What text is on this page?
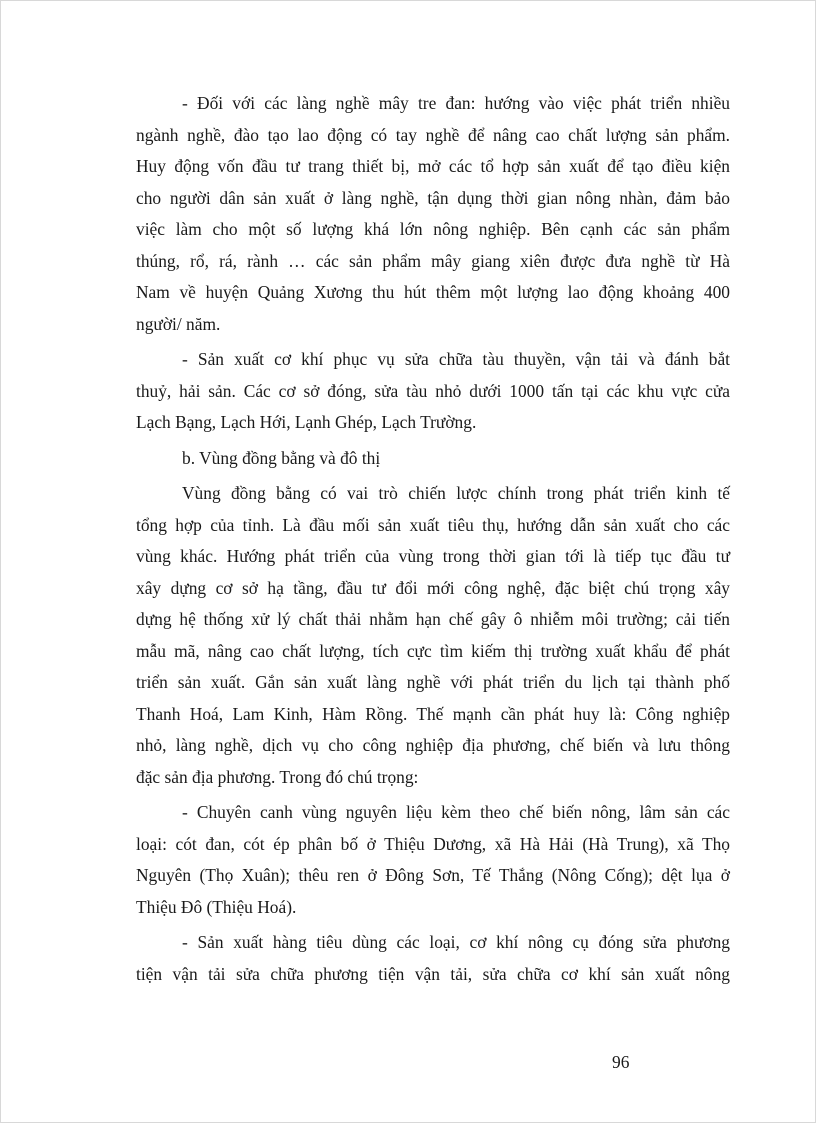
- Đối với các làng nghề mây tre đan: hướng vào việc phát triển nhiều
ngành nghề, đào tạo lao động có tay nghề để nâng cao chất lượng sản phẩm.
Huy động vốn đầu tư trang thiết bị, mở các tổ hợp sản xuất để tạo điều kiện
cho người dân sản xuất ở làng nghề, tận dụng thời gian nông nhàn, đảm bảo
việc làm cho một số lượng khá lớn nông nghiệp. Bên cạnh các sản phẩm
thúng, rổ, rá, rành … các sản phẩm mây giang xiên được đưa nghề từ Hà
Nam về huyện Quảng Xương thu hút thêm một lượng lao động khoảng 400
người/ năm.

- Sản xuất cơ khí phục vụ sửa chữa tàu thuyền, vận tải và đánh bắt
thuỷ, hải sản. Các cơ sở đóng, sửa tàu nhỏ dưới 1000 tấn tại các khu vực cửa
Lạch Bạng, Lạch Hới, Lạnh Ghép, Lạch Trường.

b. Vùng đồng bằng và đô thị

Vùng đồng bằng có vai trò chiến lược chính trong phát triển kinh tế
tổng hợp của tỉnh. Là đầu mối sản xuất tiêu thụ, hướng dẫn sản xuất cho các
vùng khác. Hướng phát triển của vùng trong thời gian tới là tiếp tục đầu tư
xây dựng cơ sở hạ tầng, đầu tư đổi mới công nghệ, đặc biệt chú trọng xây
dựng hệ thống xử lý chất thải nhằm hạn chế gây ô nhiễm môi trường; cải tiến
mẫu mã, nâng cao chất lượng, tích cực tìm kiếm thị trường xuất khẩu để phát
triển sản xuất. Gắn sản xuất làng nghề với phát triển du lịch tại thành phố
Thanh Hoá, Lam Kinh, Hàm Rồng. Thế mạnh cần phát huy là: Công nghiệp
nhỏ, làng nghề, dịch vụ cho công nghiệp địa phương, chế biến và lưu thông
đặc sản địa phương. Trong đó chú trọng:

- Chuyên canh vùng nguyên liệu kèm theo chế biến nông, lâm sản các
loại: cót đan, cót ép phân bố ở Thiệu Dương, xã Hà Hải (Hà Trung), xã Thọ
Nguyên (Thọ Xuân); thêu ren ở Đông Sơn, Tế Thắng (Nông Cống); dệt lụa ở
Thiệu Đô (Thiệu Hoá).

- Sản xuất hàng tiêu dùng các loại, cơ khí nông cụ đóng sửa phương
tiện vận tải sửa chữa phương tiện vận tải, sửa chữa cơ khí sản xuất nông

96
